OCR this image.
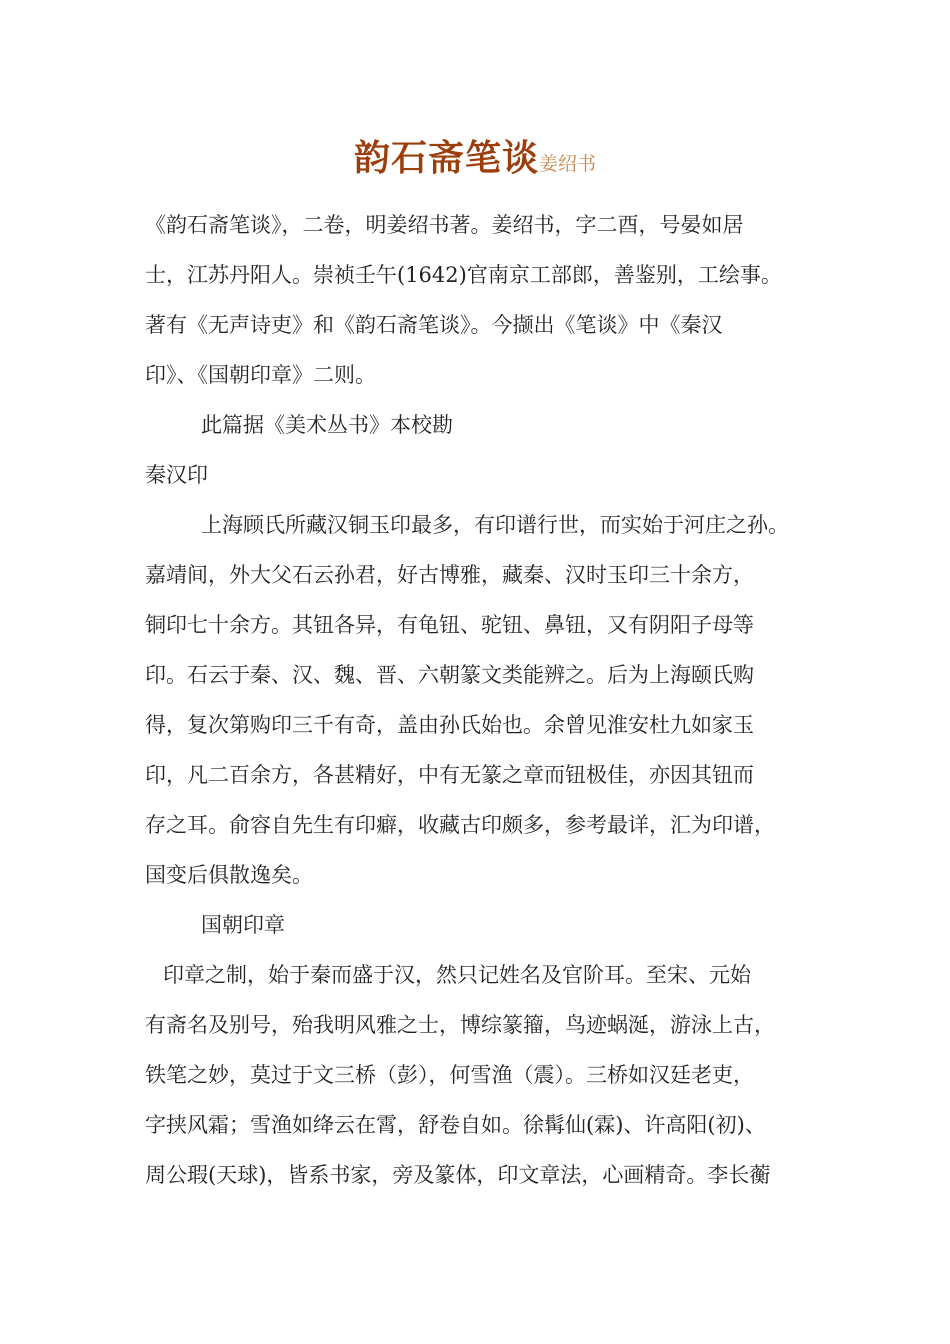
韵石斋笔谈姜绍书
《韵石斋笔谈》，二卷，明姜绍书著。姜绍书，字二酉，号晏如居
士，江苏丹阳人。崇祯壬午(1642)官南京工部郎，善鉴别，工绘事。
著有《无声诗吏》和《韵石斋笔谈》。今撷出《笔谈》中《秦汉
印》、《国朝印章》二则。
此篇据《美术丛书》本校勘
秦汉印
上海顾氏所藏汉铜玉印最多，有印谱行世，而实始于河庄之孙。
嘉靖间，外大父石云孙君，好古博雅，藏秦、汉时玉印三十余方，
铜印七十余方。其钮各异，有龟钮、驼钮、鼻钮，又有阴阳子母等
印。石云于秦、汉、魏、晋、六朝篆文类能辨之。后为上海颐氏购
得，复次第购印三千有奇，盖由孙氏始也。余曾见淮安杜九如家玉
印，凡二百余方，各甚精好，中有无篆之章而钮极佳，亦因其钮而
存之耳。俞容自先生有印癖，收藏古印颇多，参考最详，汇为印谱，
国变后俱散逸矣。
国朝印章
印章之制，始于秦而盛于汉，然只记姓名及官阶耳。至宋、元始
有斋名及别号，殆我明风雅之士，博综篆籀，鸟迹蜗涎，游泳上古，
铁笔之妙，莫过于文三桥（彭），何雪渔（震）。三桥如汉廷老吏，
字挟风霜；雪渔如绛云在霄，舒卷自如。徐髯仙(霖)、许高阳(初)、
周公瑕(天球)，皆系书家，旁及篆体，印文章法，心画精奇。李长蘅
